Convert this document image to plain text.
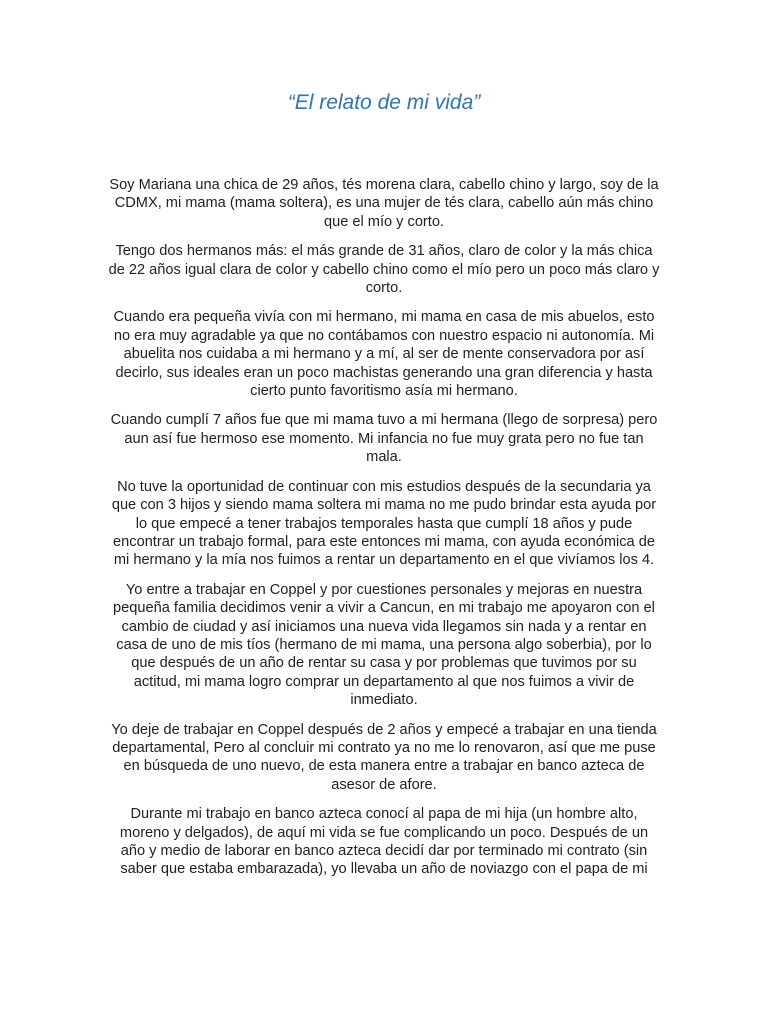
“El relato de mi vida”

Soy Mariana una chica de 29 años, tés morena clara, cabello chino y largo, soy de la CDMX, mi mama (mama soltera), es una mujer de tés clara, cabello aún más chino que el mío y corto.

Tengo dos hermanos más: el más grande de 31 años, claro de color y la más chica de 22 años igual clara de color y cabello chino como el mío pero un poco más claro y corto.

Cuando era pequeña vivía con mi hermano, mi mama en casa de mis abuelos, esto no era muy agradable ya que no contábamos con nuestro espacio ni autonomía. Mi abuelita nos cuidaba a mi hermano y a mí, al ser de mente conservadora por así decirlo, sus ideales eran un poco machistas generando una gran diferencia y hasta cierto punto favoritismo asía mi hermano.

Cuando cumplí 7 años fue que mi mama tuvo a mi hermana (llego de sorpresa) pero aun así fue hermoso ese momento. Mi infancia no fue muy grata pero no fue tan mala.

No tuve la oportunidad de continuar con mis estudios después de la secundaria ya que con 3 hijos y siendo mama soltera mi mama no me pudo brindar esta ayuda por lo que empecé a tener trabajos temporales hasta que cumplí 18 años y pude encontrar un trabajo formal, para este entonces mi mama, con ayuda económica de mi hermano y la mía nos fuimos a rentar un departamento en el que vivíamos los 4.

Yo entre a trabajar en Coppel y por cuestiones personales y mejoras en nuestra pequeña familia decidimos venir a vivir a Cancun, en mi trabajo me apoyaron con el cambio de ciudad y así iniciamos una nueva vida llegamos sin nada y a rentar en casa de uno de mis tíos (hermano de mi mama, una persona algo soberbia), por lo que después de un año de rentar su casa y por problemas que tuvimos por su actitud, mi mama logro comprar un departamento al que nos fuimos a vivir de inmediato.

Yo deje de trabajar en Coppel después de 2 años y empecé a trabajar en una tienda departamental, Pero al concluir mi contrato ya no me lo renovaron, así que me puse en búsqueda de uno nuevo, de esta manera entre a trabajar en banco azteca de asesor de afore.

Durante mi trabajo en banco azteca conocí al papa de mi hija (un hombre alto, moreno y delgados), de aquí mi vida se fue complicando un poco. Después de un año y medio de laborar en banco azteca decidí dar por terminado mi contrato (sin saber que estaba embarazada), yo llevaba un año de noviazgo con el papa de mi
